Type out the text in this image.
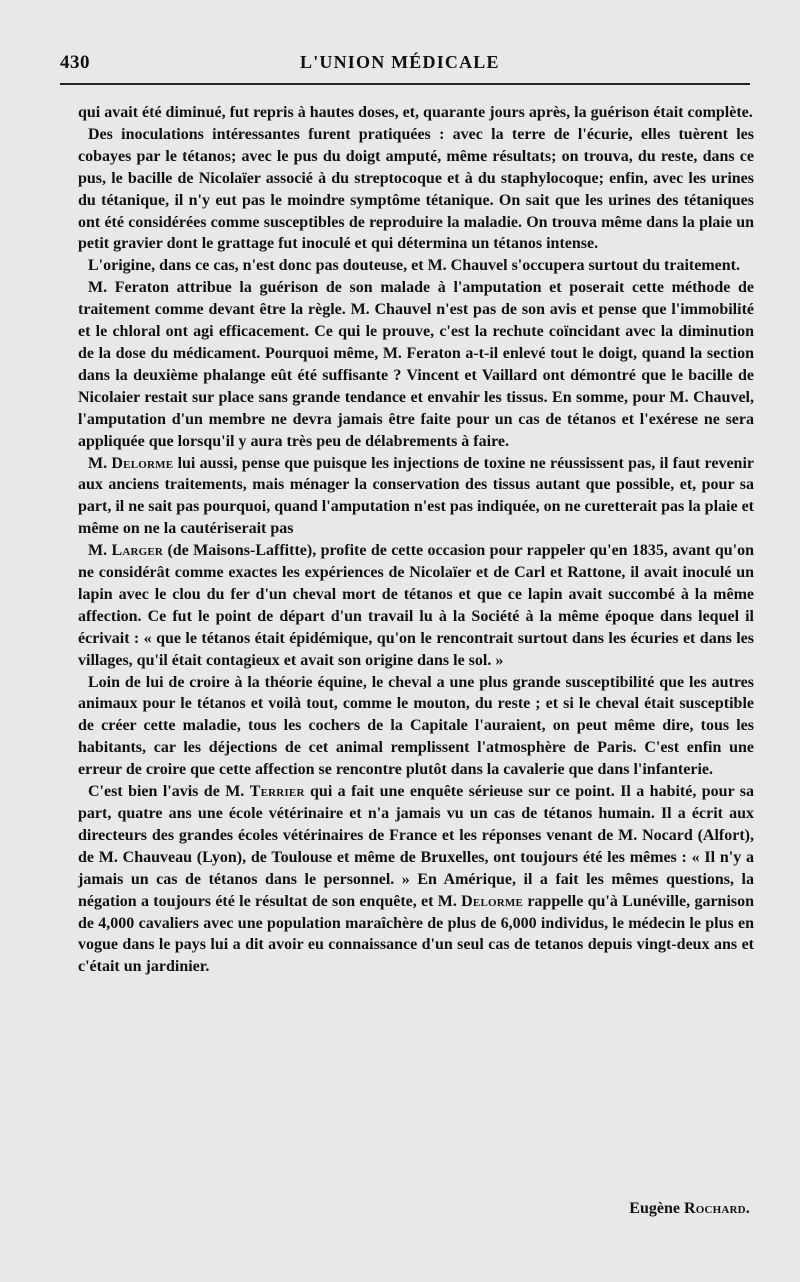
430	L'UNION MÉDICALE

qui avait été diminué, fut repris à hautes doses, et, quarante jours après, la guérison était complète.

Des inoculations intéressantes furent pratiquées : avec la terre de l'écurie, elles tuèrent les cobayes par le tétanos; avec le pus du doigt amputé, même résultats; on trouva, du reste, dans ce pus, le bacille de Nicolaïer associé à du streptocoque et à du staphylocoque; enfin, avec les urines du tétanique, il n'y eut pas le moindre symptôme tétanique. On sait que les urines des tétaniques ont été considérées comme susceptibles de reproduire la maladie. On trouva même dans la plaie un petit gravier dont le grattage fut inoculé et qui détermina un tétanos intense.

L'origine, dans ce cas, n'est donc pas douteuse, et M. Chauvel s'occupera surtout du traitement.

M. Feraton attribue la guérison de son malade à l'amputation et poserait cette méthode de traitement comme devant être la règle. M. Chauvel n'est pas de son avis et pense que l'immobilité et le chloral ont agi efficacement. Ce qui le prouve, c'est la rechute coïncidant avec la diminution de la dose du médicament. Pourquoi même, M. Feraton a-t-il enlevé tout le doigt, quand la section dans la deuxième phalange eût été suffisante ? Vincent et Vaillard ont démontré que le bacille de Nicolaier restait sur place sans grande tendance et envahir les tissus. En somme, pour M. Chauvel, l'amputation d'un membre ne devra jamais être faite pour un cas de tétanos et l'exérese ne sera appliquée que lorsqu'il y aura très peu de délabrements à faire.

M. Delorme lui aussi, pense que puisque les injections de toxine ne réussissent pas, il faut revenir aux anciens traitements, mais ménager la conservation des tissus autant que possible, et, pour sa part, il ne sait pas pourquoi, quand l'amputation n'est pas indiquée, on ne curetterait pas la plaie et même on ne la cautériserait pas

M. Larger (de Maisons-Laffitte), profite de cette occasion pour rappeler qu'en 1835, avant qu'on ne considérât comme exactes les expériences de Nicolaïer et de Carl et Rattone, il avait inoculé un lapin avec le clou du fer d'un cheval mort de tétanos et que ce lapin avait succombé à la même affection. Ce fut le point de départ d'un travail lu à la Société à la même époque dans lequel il écrivait : « que le tétanos était épidémique, qu'on le rencontrait surtout dans les écuries et dans les villages, qu'il était contagieux et avait son origine dans le sol. »

Loin de lui de croire à la théorie équine, le cheval a une plus grande susceptibilité que les autres animaux pour le tétanos et voilà tout, comme le mouton, du reste ; et si le cheval était susceptible de créer cette maladie, tous les cochers de la Capitale l'auraient, on peut même dire, tous les habitants, car les déjections de cet animal remplissent l'atmosphère de Paris. C'est enfin une erreur de croire que cette affection se rencontre plutôt dans la cavalerie que dans l'infanterie.

C'est bien l'avis de M. Terrier qui a fait une enquête sérieuse sur ce point. Il a habité, pour sa part, quatre ans une école vétérinaire et n'a jamais vu un cas de tétanos humain. Il a écrit aux directeurs des grandes écoles vétérinaires de France et les réponses venant de M. Nocard (Alfort), de M. Chauveau (Lyon), de Toulouse et même de Bruxelles, ont toujours été les mêmes : « Il n'y a jamais un cas de tétanos dans le personnel. » En Amérique, il a fait les mêmes questions, la négation a toujours été le résultat de son enquête, et M. Delorme rappelle qu'à Lunéville, garnison de 4,000 cavaliers avec une population maraîchère de plus de 6,000 individus, le médecin le plus en vogue dans le pays lui a dit avoir eu connaissance d'un seul cas de tetanos depuis vingt-deux ans et c'était un jardinier.

Eugène Rochard.
